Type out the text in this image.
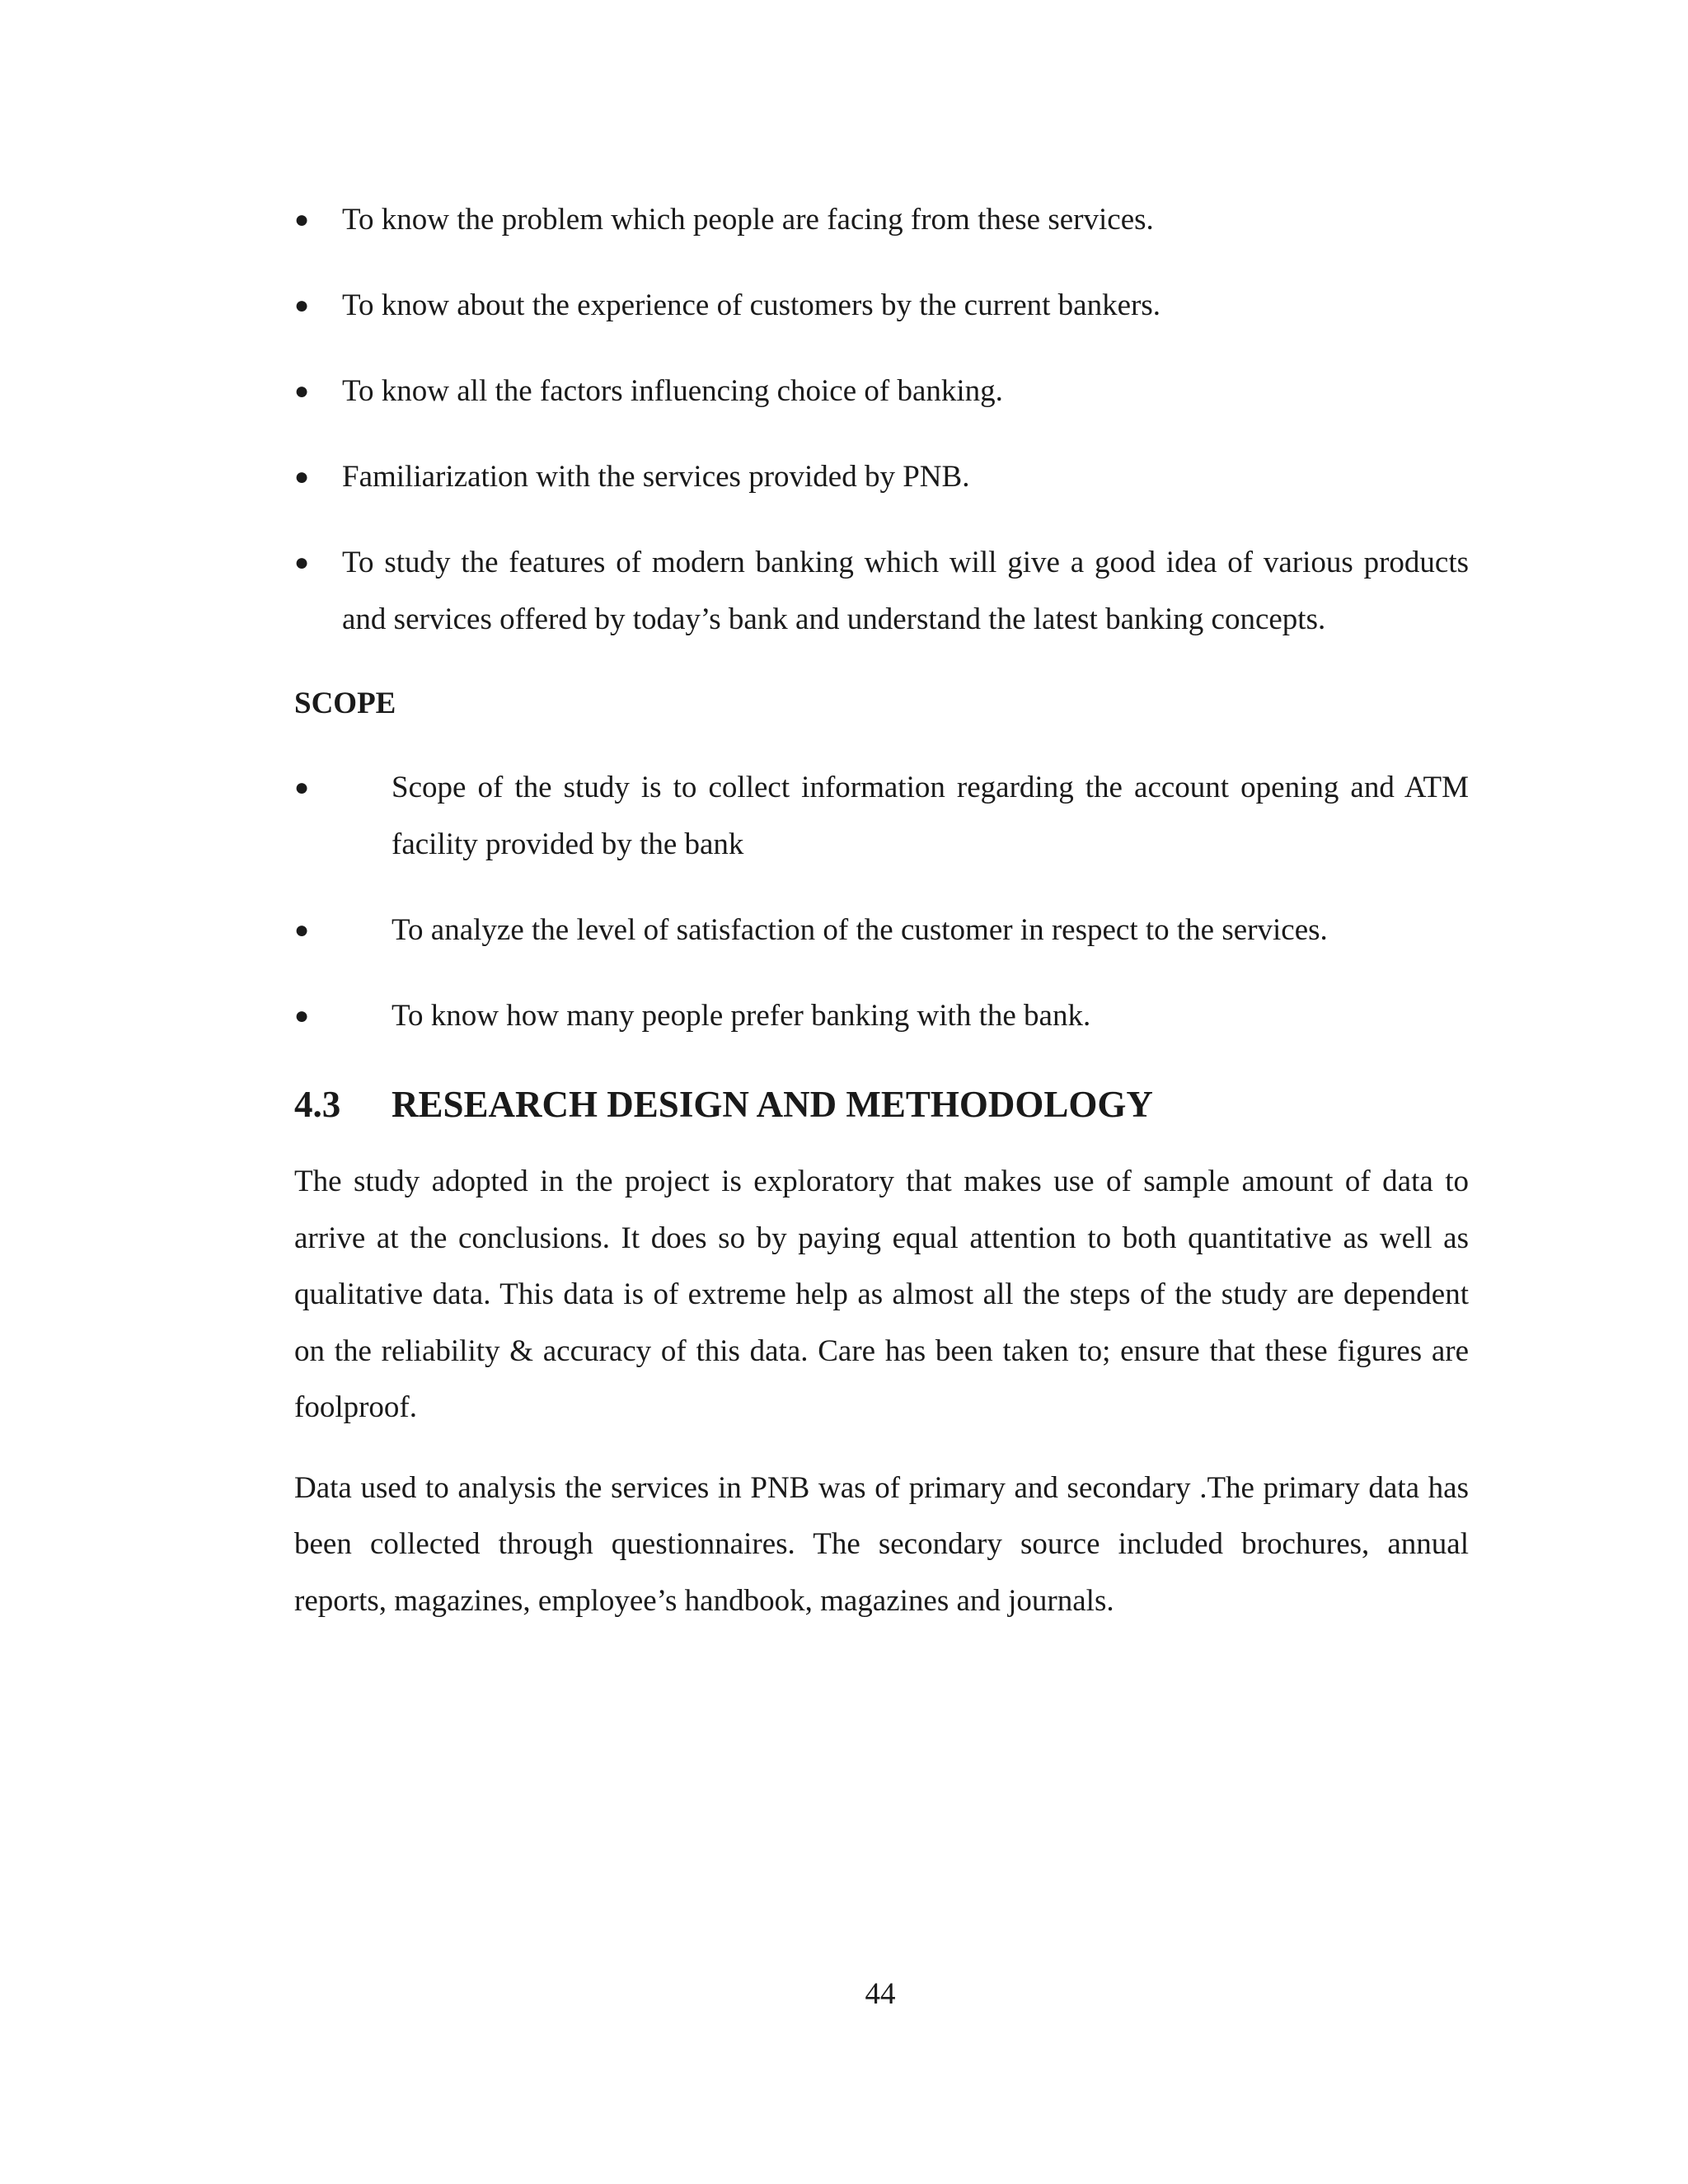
● To know the problem which people are facing from these services.
● To know about the experience of customers by the current bankers.
● To know all the factors influencing choice of banking.
● Familiarization with the services provided by PNB.
● To study the features of modern banking which will give a good idea of various products and services offered by today’s bank and understand the latest banking concepts.
SCOPE
●	Scope of the study is to collect information regarding the account opening and ATM facility provided by the bank
●	To analyze the level of satisfaction of the customer in respect to the services.
●	To know how many people prefer banking with the bank.
4.3	RESEARCH DESIGN AND METHODOLOGY

The study adopted in the project is exploratory that makes use of sample amount of data to arrive at the conclusions. It does so by paying equal attention to both quantitative as well as qualitative data. This data is of extreme help as almost all the steps of the study are dependent on the reliability & accuracy of this data. Care has been taken to; ensure that these figures are foolproof.

Data used to analysis the services in PNB was of primary and secondary .The primary data has been collected through questionnaires. The secondary source included brochures, annual reports, magazines, employee’s handbook, magazines and journals.

44
